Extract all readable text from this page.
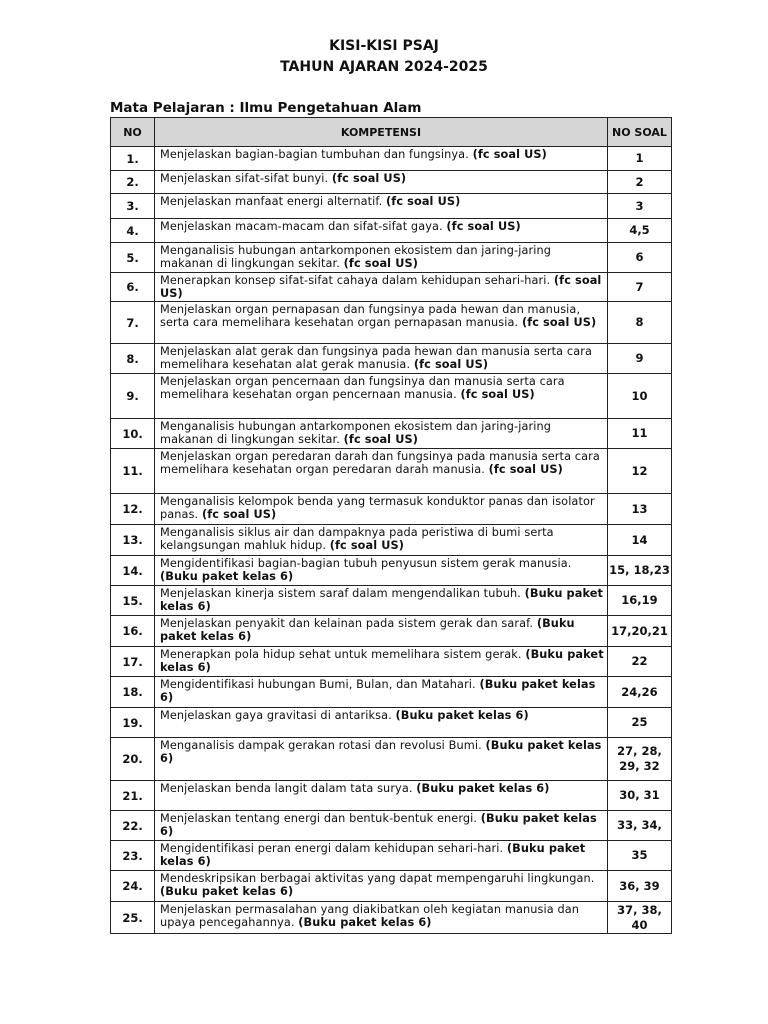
KISI-KISI PSAJ
TAHUN AJARAN 2024-2025
Mata Pelajaran : Ilmu Pengetahuan Alam
NO	KOMPETENSI	NO SOAL
1.	Menjelaskan bagian-bagian tumbuhan dan fungsinya. (fc soal US)	1
2.	Menjelaskan sifat-sifat bunyi. (fc soal US)	2
3.	Menjelaskan manfaat energi alternatif. (fc soal US)	3
4.	Menjelaskan macam-macam dan sifat-sifat gaya. (fc soal US)	4,5
5.	Menganalisis hubungan antarkomponen ekosistem dan jaring-jaring makanan di lingkungan sekitar. (fc soal US)	6
6.	Menerapkan konsep sifat-sifat cahaya dalam kehidupan sehari-hari. (fc soal US)	7
7.	Menjelaskan organ pernapasan dan fungsinya pada hewan dan manusia, serta cara memelihara kesehatan organ pernapasan manusia. (fc soal US)	8
8.	Menjelaskan alat gerak dan fungsinya pada hewan dan manusia serta cara memelihara kesehatan alat gerak manusia. (fc soal US)	9
9.	Menjelaskan organ pencernaan dan fungsinya dan manusia serta cara memelihara kesehatan organ pencernaan manusia. (fc soal US)	10
10.	Menganalisis hubungan antarkomponen ekosistem dan jaring-jaring makanan di lingkungan sekitar. (fc soal US)	11
11.	Menjelaskan organ peredaran darah dan fungsinya pada manusia serta cara memelihara kesehatan organ peredaran darah manusia. (fc soal US)	12
12.	Menganalisis kelompok benda yang termasuk konduktor panas dan isolator panas. (fc soal US)	13
13.	Menganalisis siklus air dan dampaknya pada peristiwa di bumi serta kelangsungan mahluk hidup. (fc soal US)	14
14.	Mengidentifikasi bagian-bagian tubuh penyusun sistem gerak manusia. (Buku paket kelas 6)	15, 18,23
15.	Menjelaskan kinerja sistem saraf dalam mengendalikan tubuh. (Buku paket kelas 6)	16,19
16.	Menjelaskan penyakit dan kelainan pada sistem gerak dan saraf. (Buku paket kelas 6)	17,20,21
17.	Menerapkan pola hidup sehat untuk memelihara sistem gerak. (Buku paket kelas 6)	22
18.	Mengidentifikasi hubungan Bumi, Bulan, dan Matahari. (Buku paket kelas 6)	24,26
19.	Menjelaskan gaya gravitasi di antariksa. (Buku paket kelas 6)	25
20.	Menganalisis dampak gerakan rotasi dan revolusi Bumi. (Buku paket kelas 6)	27, 28, 29, 32
21.	Menjelaskan benda langit dalam tata surya. (Buku paket kelas 6)	30, 31
22.	Menjelaskan tentang energi dan bentuk-bentuk energi. (Buku paket kelas 6)	33, 34,
23.	Mengidentifikasi peran energi dalam kehidupan sehari-hari. (Buku paket kelas 6)	35
24.	Mendeskripsikan berbagai aktivitas yang dapat mempengaruhi lingkungan. (Buku paket kelas 6)	36, 39
25.	Menjelaskan permasalahan yang diakibatkan oleh kegiatan manusia dan upaya pencegahannya. (Buku paket kelas 6)	37, 38, 40
